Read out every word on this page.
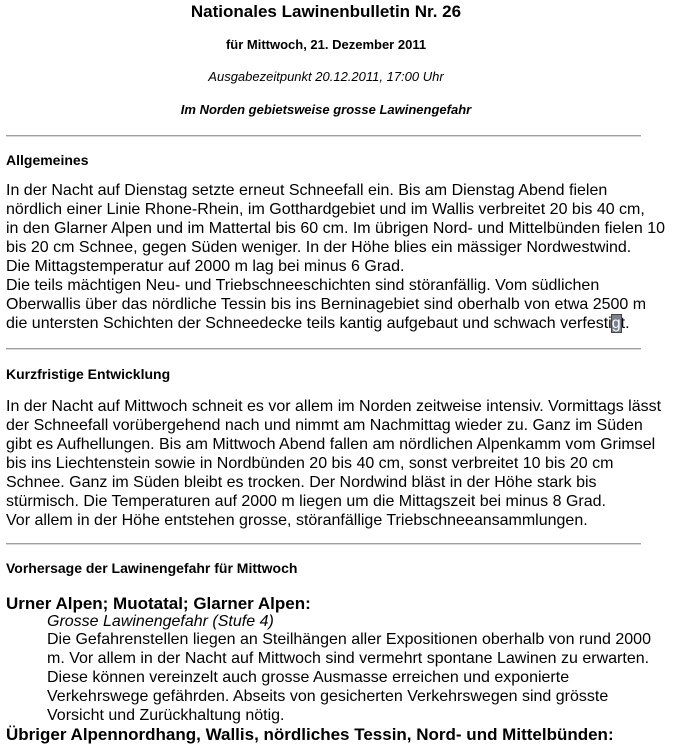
Nationales Lawinenbulletin Nr. 26
für Mittwoch, 21. Dezember 2011
Ausgabezeitpunkt 20.12.2011, 17:00 Uhr
Im Norden gebietsweise grosse Lawinengefahr
Allgemeines
In der Nacht auf Dienstag setzte erneut Schneefall ein. Bis am Dienstag Abend fielen
nördlich einer Linie Rhone-Rhein, im Gotthardgebiet und im Wallis verbreitet 20 bis 40 cm,
in den Glarner Alpen und im Mattertal bis 60 cm. Im übrigen Nord- und Mittelbünden fielen 10
bis 20 cm Schnee, gegen Süden weniger. In der Höhe blies ein mässiger Nordwestwind.
Die Mittagstemperatur auf 2000 m lag bei minus 6 Grad.
Die teils mächtigen Neu- und Triebschneeschichten sind störanfällig. Vom südlichen
Oberwallis über das nördliche Tessin bis ins Berninagebiet sind oberhalb von etwa 2500 m
die untersten Schichten der Schneedecke teils kantig aufgebaut und schwach verfestigt.
Kurzfristige Entwicklung
In der Nacht auf Mittwoch schneit es vor allem im Norden zeitweise intensiv. Vormittags lässt
der Schneefall vorübergehend nach und nimmt am Nachmittag wieder zu. Ganz im Süden
gibt es Aufhellungen. Bis am Mittwoch Abend fallen am nördlichen Alpenkamm vom Grimsel
bis ins Liechtenstein sowie in Nordbünden 20 bis 40 cm, sonst verbreitet 10 bis 20 cm
Schnee. Ganz im Süden bleibt es trocken. Der Nordwind bläst in der Höhe stark bis
stürmisch. Die Temperaturen auf 2000 m liegen um die Mittagszeit bei minus 8 Grad.
Vor allem in der Höhe entstehen grosse, störanfällige Triebschneeansammlungen.
Vorhersage der Lawinengefahr für Mittwoch
Urner Alpen; Muotatal; Glarner Alpen:
Grosse Lawinengefahr (Stufe 4)
Die Gefahrenstellen liegen an Steilhängen aller Expositionen oberhalb von rund 2000
m. Vor allem in der Nacht auf Mittwoch sind vermehrt spontane Lawinen zu erwarten.
Diese können vereinzelt auch grosse Ausmasse erreichen und exponierte
Verkehrswege gefährden. Abseits von gesicherten Verkehrswegen sind grösste
Vorsicht und Zurückhaltung nötig.
Übriger Alpennordhang, Wallis, nördliches Tessin, Nord- und Mittelbünden:
